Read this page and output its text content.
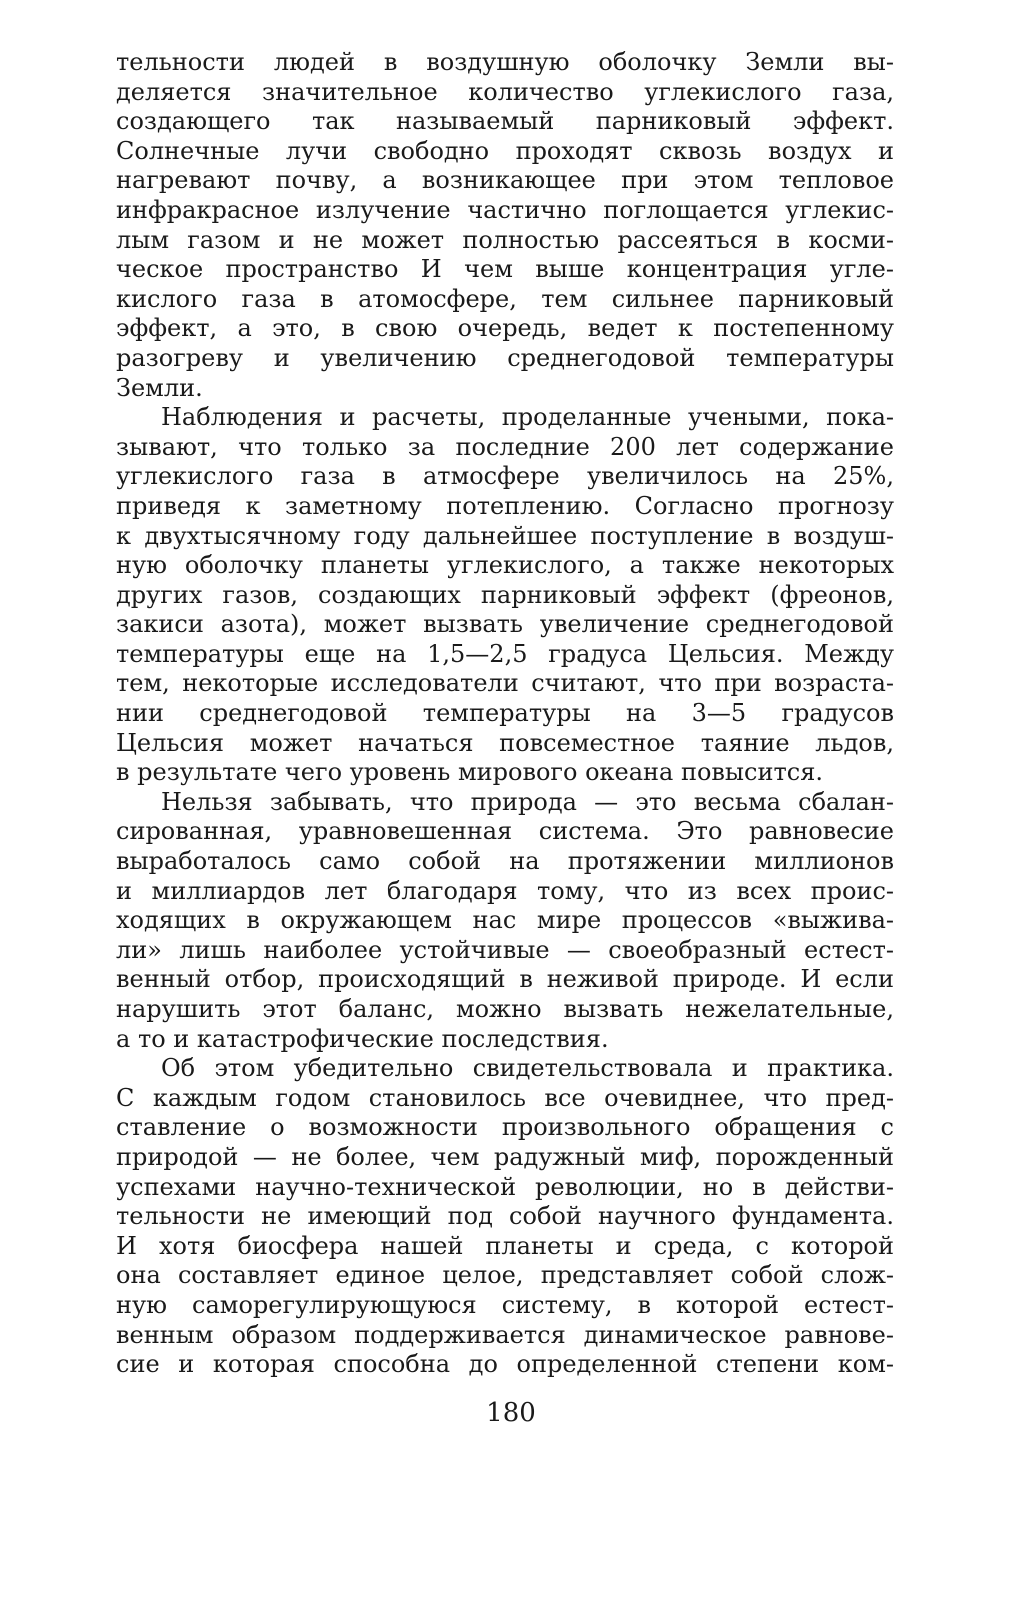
тельности людей в воздушную оболочку Земли вы-
деляется значительное количество углекислого газа,
создающего так называемый парниковый эффект.
Солнечные лучи свободно проходят сквозь воздух и
нагревают почву, а возникающее при этом тепловое
инфракрасное излучение частично поглощается углекис-
лым газом и не может полностью рассеяться в косми-
ческое пространство И чем выше концентрация угле-
кислого газа в атомосфере, тем сильнее парниковый
эффект, а это, в свою очередь, ведет к постепенному
разогреву и увеличению среднегодовой температуры
Земли.
Наблюдения и расчеты, проделанные учеными, пока-
зывают, что только за последние 200 лет содержание
углекислого газа в атмосфере увеличилось на 25%,
приведя к заметному потеплению. Согласно прогнозу
к двухтысячному году дальнейшее поступление в воздуш-
ную оболочку планеты углекислого, а также некоторых
других газов, создающих парниковый эффект (фреонов,
закиси азота), может вызвать увеличение среднегодовой
температуры еще на 1,5—2,5 градуса Цельсия. Между
тем, некоторые исследователи считают, что при возраста-
нии среднегодовой температуры на 3—5 градусов
Цельсия может начаться повсеместное таяние льдов,
в результате чего уровень мирового океана повысится.
Нельзя забывать, что природа — это весьма сбалан-
сированная, уравновешенная система. Это равновесие
выработалось само собой на протяжении миллионов
и миллиардов лет благодаря тому, что из всех проис-
ходящих в окружающем нас мире процессов «выжива-
ли» лишь наиболее устойчивые — своеобразный естест-
венный отбор, происходящий в неживой природе. И если
нарушить этот баланс, можно вызвать нежелательные,
а то и катастрофические последствия.
Об этом убедительно свидетельствовала и практика.
С каждым годом становилось все очевиднее, что пред-
ставление о возможности произвольного обращения с
природой — не более, чем радужный миф, порожденный
успехами научно-технической революции, но в действи-
тельности не имеющий под собой научного фундамента.
И хотя биосфера нашей планеты и среда, с которой
она составляет единое целое, представляет собой слож-
ную саморегулирующуюся систему, в которой естест-
венным образом поддерживается динамическое равнове-
сие и которая способна до определенной степени ком-
180
